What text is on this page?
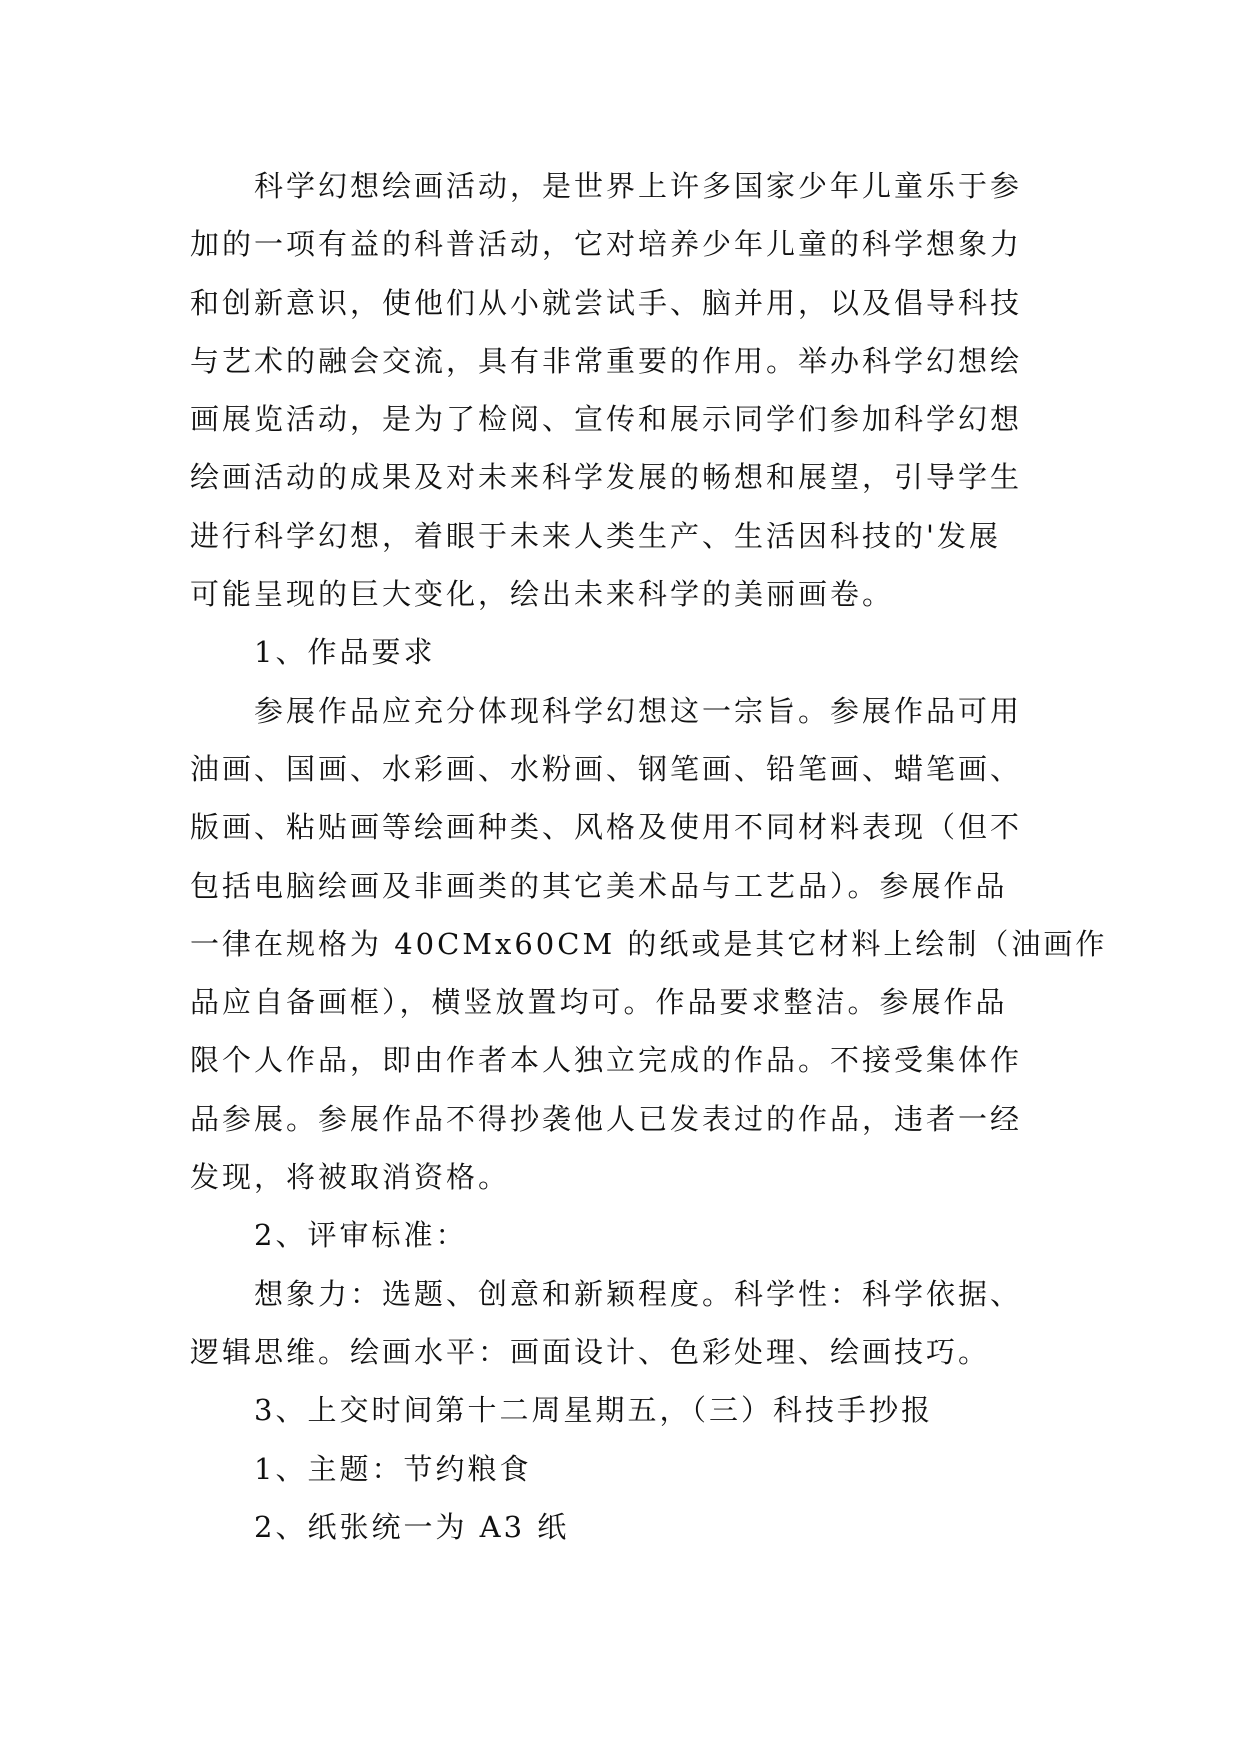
科学幻想绘画活动，是世界上许多国家少年儿童乐于参
加的一项有益的科普活动，它对培养少年儿童的科学想象力
和创新意识，使他们从小就尝试手、脑并用，以及倡导科技
与艺术的融会交流，具有非常重要的作用。举办科学幻想绘
画展览活动，是为了检阅、宣传和展示同学们参加科学幻想
绘画活动的成果及对未来科学发展的畅想和展望，引导学生
进行科学幻想，着眼于未来人类生产、生活因科技的'发展
可能呈现的巨大变化，绘出未来科学的美丽画卷。
1、作品要求
参展作品应充分体现科学幻想这一宗旨。参展作品可用
油画、国画、水彩画、水粉画、钢笔画、铅笔画、蜡笔画、
版画、粘贴画等绘画种类、风格及使用不同材料表现（但不
包括电脑绘画及非画类的其它美术品与工艺品）。参展作品
一律在规格为 40CMx60CM 的纸或是其它材料上绘制（油画作
品应自备画框），横竖放置均可。作品要求整洁。参展作品
限个人作品，即由作者本人独立完成的作品。不接受集体作
品参展。参展作品不得抄袭他人已发表过的作品，违者一经
发现，将被取消资格。
2、评审标准：
想象力：选题、创意和新颖程度。科学性：科学依据、
逻辑思维。绘画水平：画面设计、色彩处理、绘画技巧。
3、上交时间第十二周星期五，（三）科技手抄报
1、主题：节约粮食
2、纸张统一为 A3 纸
